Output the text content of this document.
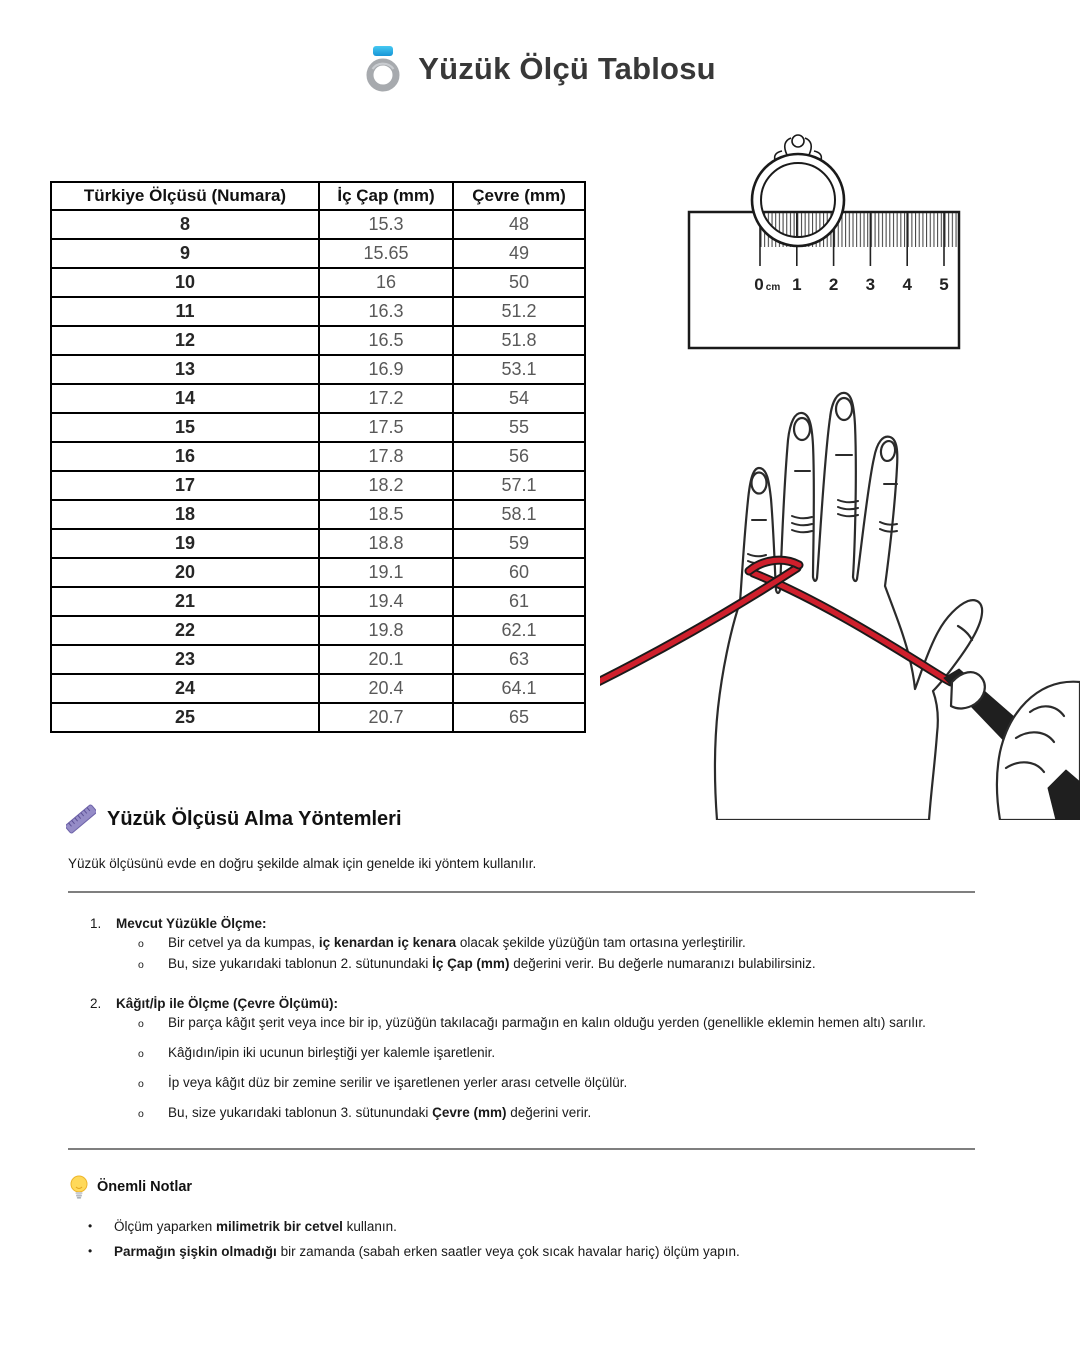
Yüzük Ölçü Tablosu
Türkiye Ölçüsü (Numara)	İç Çap (mm)	Çevre (mm)
8	15.3	48
9	15.65	49
10	16	50
11	16.3	51.2
12	16.5	51.8
13	16.9	53.1
14	17.2	54
15	17.5	55
16	17.8	56
17	18.2	57.1
18	18.5	58.1
19	18.8	59
20	19.1	60
21	19.4	61
22	19.8	62.1
23	20.1	63
24	20.4	64.1
25	20.7	65
0 cm 1 2 3 4 5
Yüzük Ölçüsü Alma Yöntemleri
Yüzük ölçüsünü evde en doğru şekilde almak için genelde iki yöntem kullanılır.
1.	Mevcut Yüzükle Ölçme:
o	Bir cetvel ya da kumpas, iç kenardan iç kenara olacak şekilde yüzüğün tam ortasına yerleştirilir.
o	Bu, size yukarıdaki tablonun 2. sütunundaki İç Çap (mm) değerini verir. Bu değerle numaranızı bulabilirsiniz.
2.	Kâğıt/İp ile Ölçme (Çevre Ölçümü):
o	Bir parça kâğıt şerit veya ince bir ip, yüzüğün takılacağı parmağın en kalın olduğu yerden (genellikle eklemin hemen altı) sarılır.
o	Kâğıdın/ipin iki ucunun birleştiği yer kalemle işaretlenir.
o	İp veya kâğıt düz bir zemine serilir ve işaretlenen yerler arası cetvelle ölçülür.
o	Bu, size yukarıdaki tablonun 3. sütunundaki Çevre (mm) değerini verir.
Önemli Notlar
•	Ölçüm yaparken milimetrik bir cetvel kullanın.
•	Parmağın şişkin olmadığı bir zamanda (sabah erken saatler veya çok sıcak havalar hariç) ölçüm yapın.
